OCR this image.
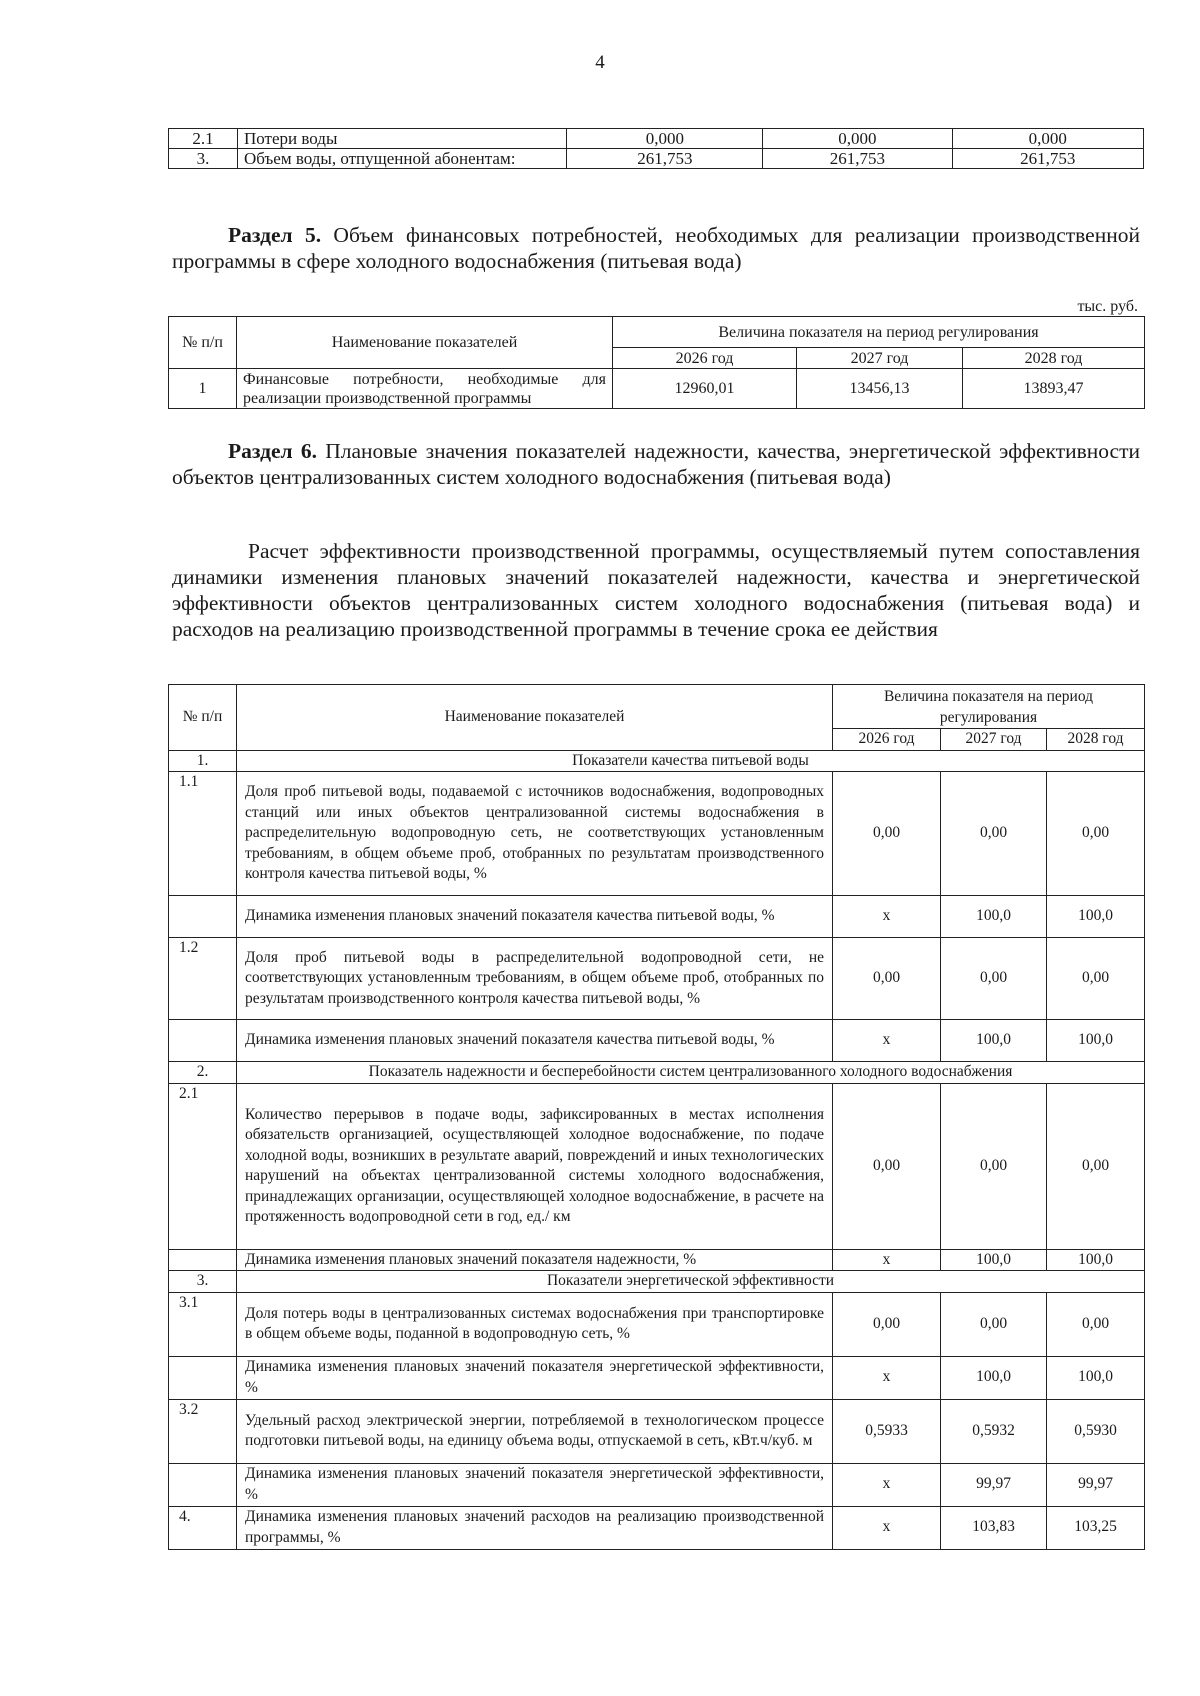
4
2.1	Потери воды	0,000	0,000	0,000
3.	Объем воды, отпущенной абонентам:	261,753	261,753	261,753
Раздел 5. Объем финансовых потребностей, необходимых для реализации производственной программы в сфере холодного водоснабжения (питьевая вода)
тыс. руб.
№ п/п	Наименование показателей	Величина показателя на период регулирования		
		2026 год	2027 год	2028 год
1	Финансовые потребности, необходимые для реализации производственной программы	12960,01	13456,13	13893,47
Раздел 6. Плановые значения показателей надежности, качества, энергетической эффективности объектов централизованных систем холодного водоснабжения (питьевая вода)
Расчет эффективности производственной программы, осуществляемый путем сопоставления динамики изменения плановых значений показателей надежности, качества и энергетической эффективности объектов централизованных систем холодного водоснабжения (питьевая вода) и расходов на реализацию производственной программы в течение срока ее действия
№ п/п	Наименование показателей	Величина показателя на период регулирования		
		2026 год	2027 год	2028 год
1.	Показатели качества питьевой воды			
1.1	Доля проб питьевой воды, подаваемой с источников водоснабжения, водопроводных станций или иных объектов централизованной системы водоснабжения в распределительную водопроводную сеть, не соответствующих установленным требованиям, в общем объеме проб, отобранных по результатам производственного контроля качества питьевой воды, %	0,00	0,00	0,00
	Динамика изменения плановых значений показателя качества питьевой воды, %	х	100,0	100,0
1.2	Доля проб питьевой воды в распределительной водопроводной сети, не соответствующих установленным требованиям, в общем объеме проб, отобранных по результатам производственного контроля качества питьевой воды, %	0,00	0,00	0,00
	Динамика изменения плановых значений показателя качества питьевой воды, %	х	100,0	100,0
2.	Показатель надежности и бесперебойности систем централизованного холодного водоснабжения			
2.1	Количество перерывов в подаче воды, зафиксированных в местах исполнения обязательств организацией, осуществляющей холодное водоснабжение, по подаче холодной воды, возникших в результате аварий, повреждений и иных технологических нарушений на объектах централизованной системы холодного водоснабжения, принадлежащих организации, осуществляющей холодное водоснабжение, в расчете на протяженность водопроводной сети в год, ед./ км	0,00	0,00	0,00
	Динамика изменения плановых значений показателя надежности, %	х	100,0	100,0
3.	Показатели энергетической эффективности			
3.1	Доля потерь воды в централизованных системах водоснабжения при транспортировке в общем объеме воды, поданной в водопроводную сеть, %	0,00	0,00	0,00
	Динамика изменения плановых значений показателя энергетической эффективности, %	х	100,0	100,0
3.2	Удельный расход электрической энергии, потребляемой в технологическом процессе подготовки питьевой воды, на единицу объема воды, отпускаемой в сеть, кВт.ч/куб. м	0,5933	0,5932	0,5930
	Динамика изменения плановых значений показателя энергетической эффективности, %	х	99,97	99,97
4.	Динамика изменения плановых значений расходов на реализацию производственной программы, %	х	103,83	103,25
